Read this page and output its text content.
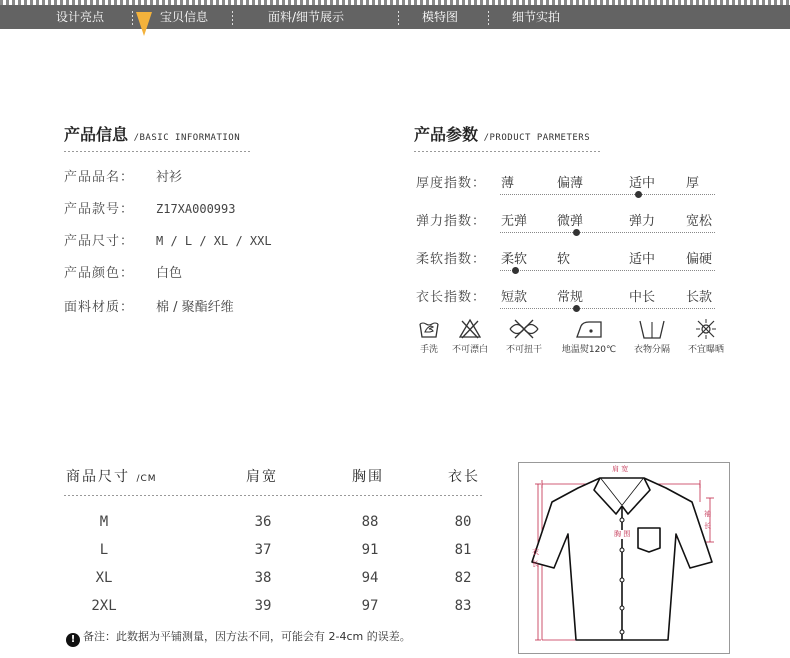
设计亮点	宝贝信息	面料/细节展示	模特图	细节实拍
产品信息 /BASIC INFORMATION
产品品名： 衬衫
产品款号： Z17XA000993
产品尺寸： M / L / XL / XXL
产品颜色： 白色
面料材质： 棉 / 聚酯纤维
产品参数 /PRODUCT PARMETERS
厚度指数： 薄	偏薄	适中 厚
弹力指数： 无弹 微弹	弹力 宽松
柔软指数： 柔软 软	适中 偏硬
衣长指数： 短款 常规	中长 长款
手洗	不可漂白	不可扭干	地温熨120℃	衣物分隔	不宜曝晒
商品尺寸 /CM	肩宽	胸围	衣长
M	36	88	80
L	37	91	81
XL	38	94	82
2XL	39	97	83
! 备注：此数据为平铺测量，因方法不同，可能会有 2-4cm 的误差。
肩 宽
胸 围
袖
长
衣
长
